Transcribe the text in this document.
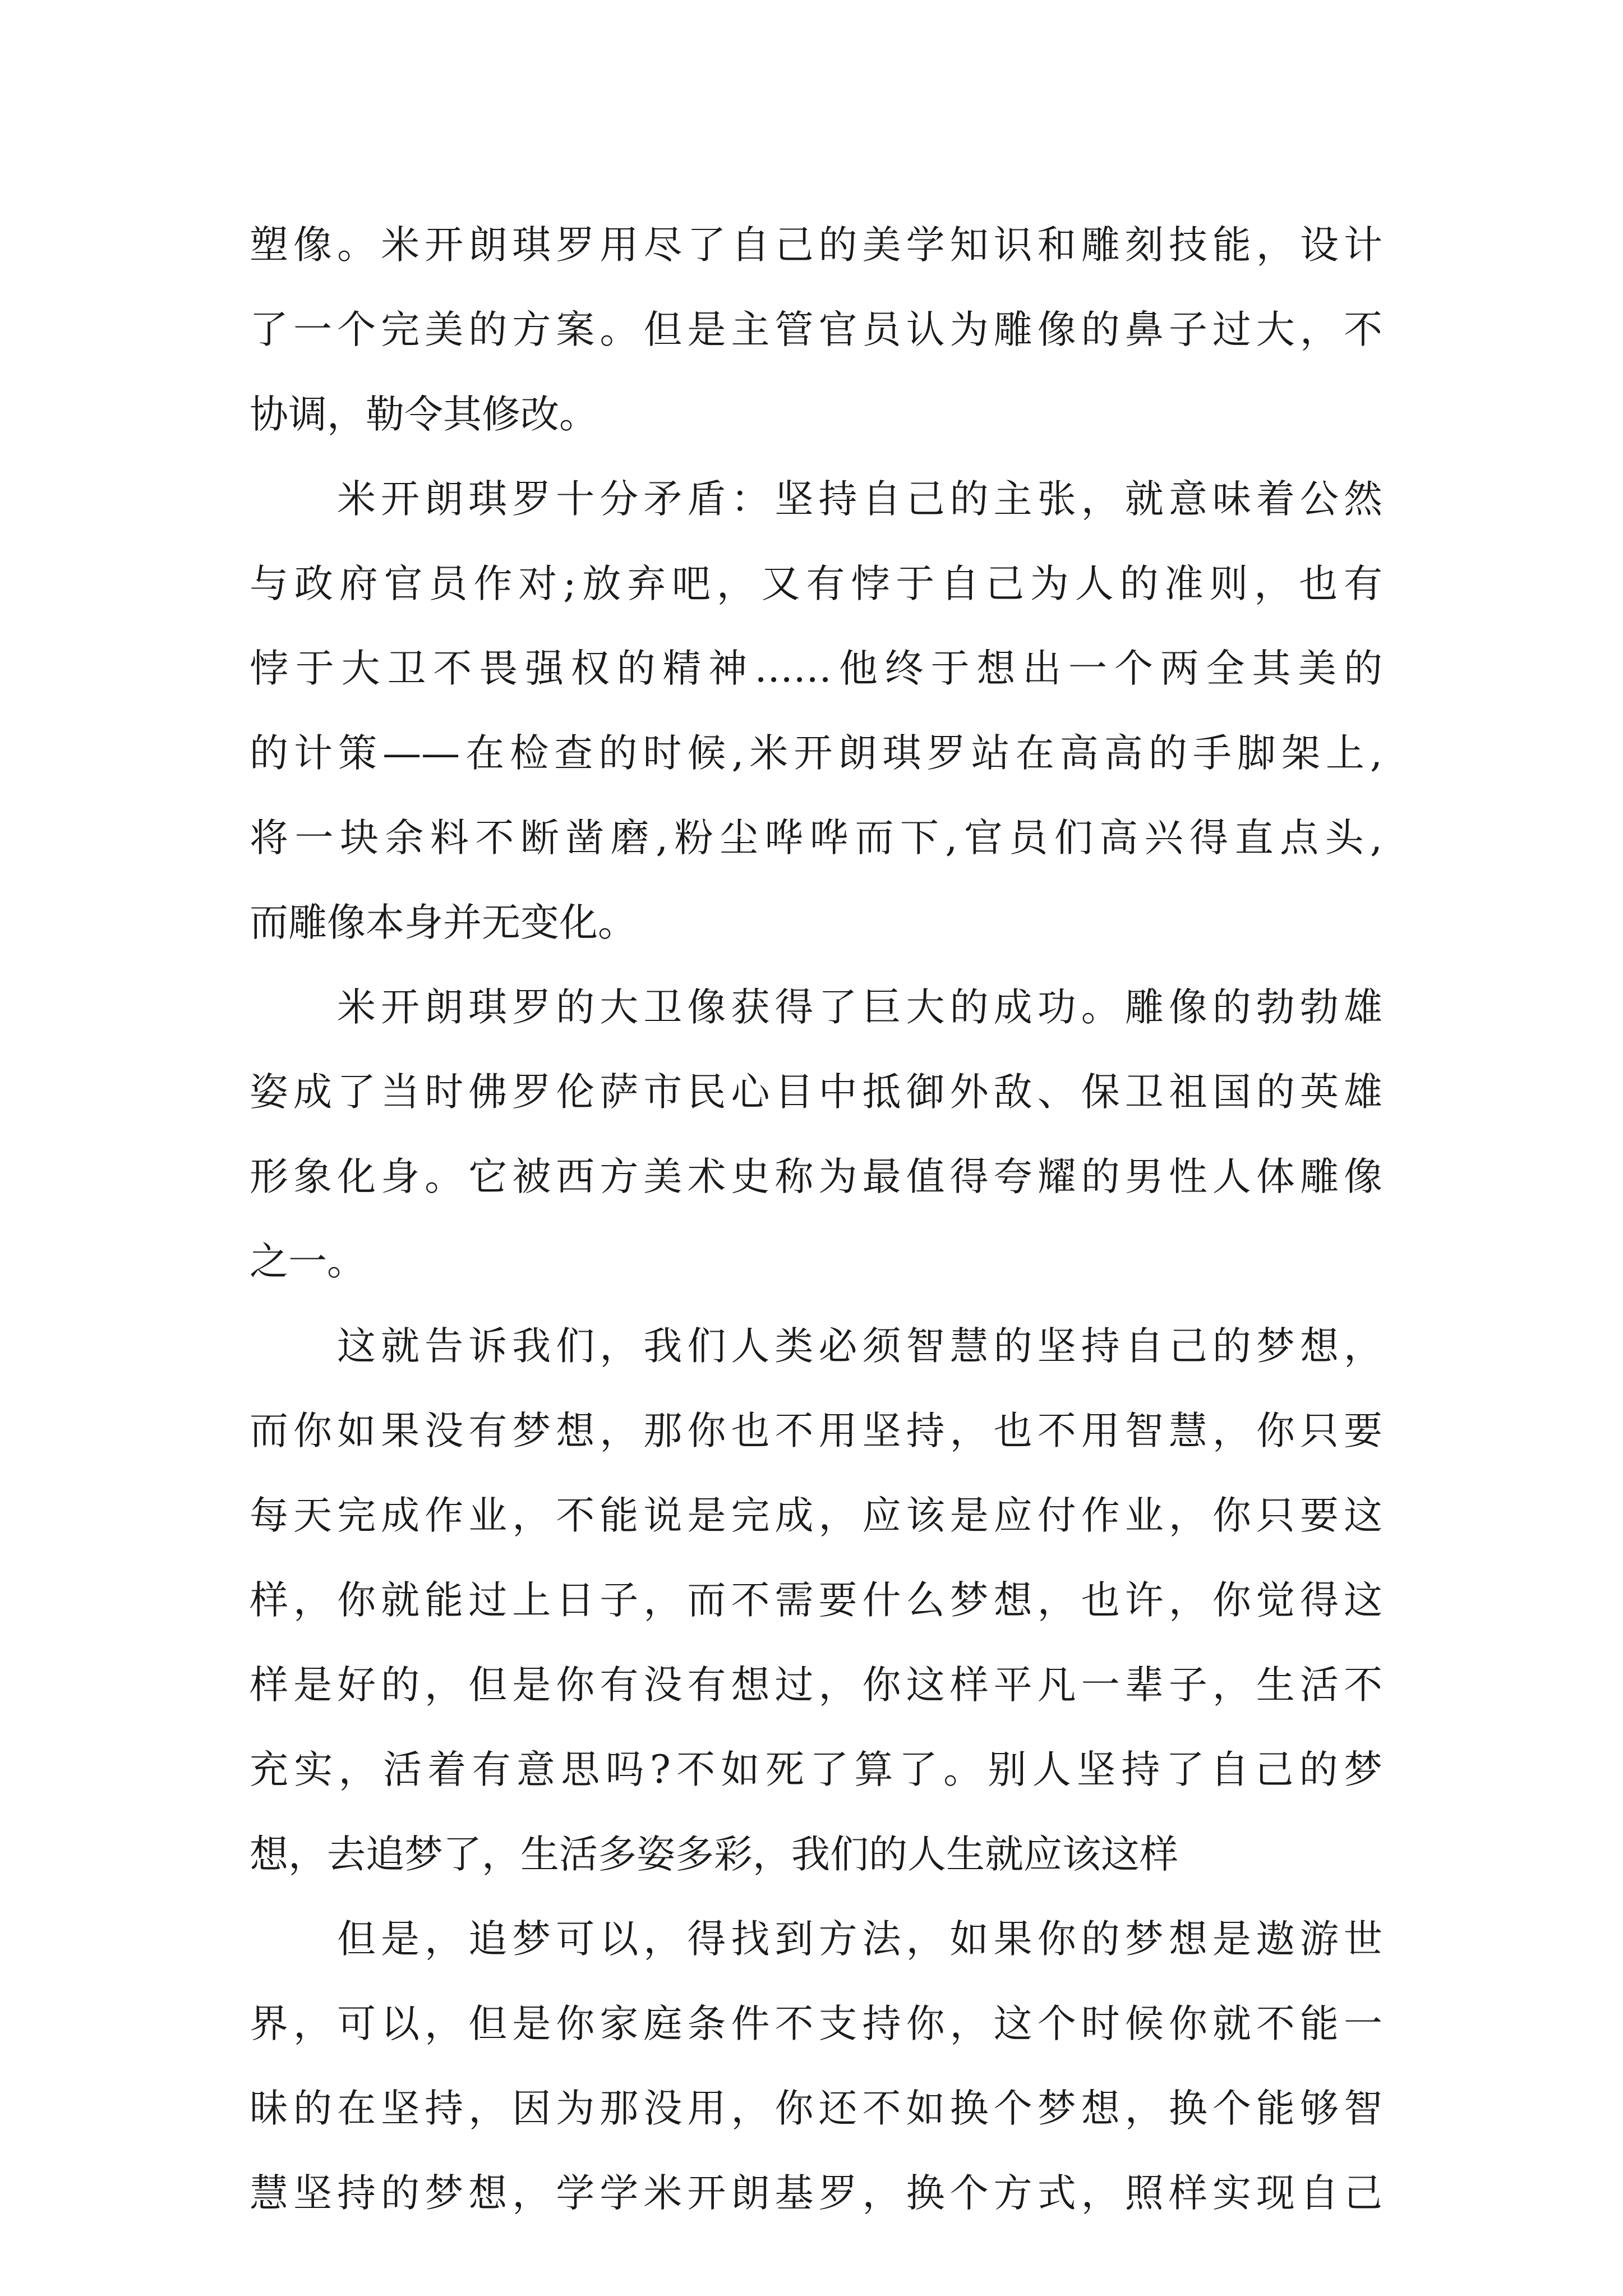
塑像。米开朗琪罗用尽了自己的美学知识和雕刻技能，设计
了一个完美的方案。但是主管官员认为雕像的鼻子过大，不
协调，勒令其修改。
米开朗琪罗十分矛盾：坚持自己的主张，就意味着公然
与政府官员作对;放弃吧，又有悖于自己为人的准则，也有
悖于大卫不畏强权的精神……他终于想出一个两全其美的
的计策——在检查的时候,米开朗琪罗站在高高的手脚架上,
将一块余料不断凿磨,粉尘哗哗而下,官员们高兴得直点头,
而雕像本身并无变化。
米开朗琪罗的大卫像获得了巨大的成功。雕像的勃勃雄
姿成了当时佛罗伦萨市民心目中抵御外敌、保卫祖国的英雄
形象化身。它被西方美术史称为最值得夸耀的男性人体雕像
之一。
这就告诉我们，我们人类必须智慧的坚持自己的梦想，
而你如果没有梦想，那你也不用坚持，也不用智慧，你只要
每天完成作业，不能说是完成，应该是应付作业，你只要这
样，你就能过上日子，而不需要什么梦想，也许，你觉得这
样是好的，但是你有没有想过，你这样平凡一辈子，生活不
充实，活着有意思吗?不如死了算了。别人坚持了自己的梦
想，去追梦了，生活多姿多彩，我们的人生就应该这样
但是，追梦可以，得找到方法，如果你的梦想是遨游世
界，可以，但是你家庭条件不支持你，这个时候你就不能一
昧的在坚持，因为那没用，你还不如换个梦想，换个能够智
慧坚持的梦想，学学米开朗基罗，换个方式，照样实现自己
